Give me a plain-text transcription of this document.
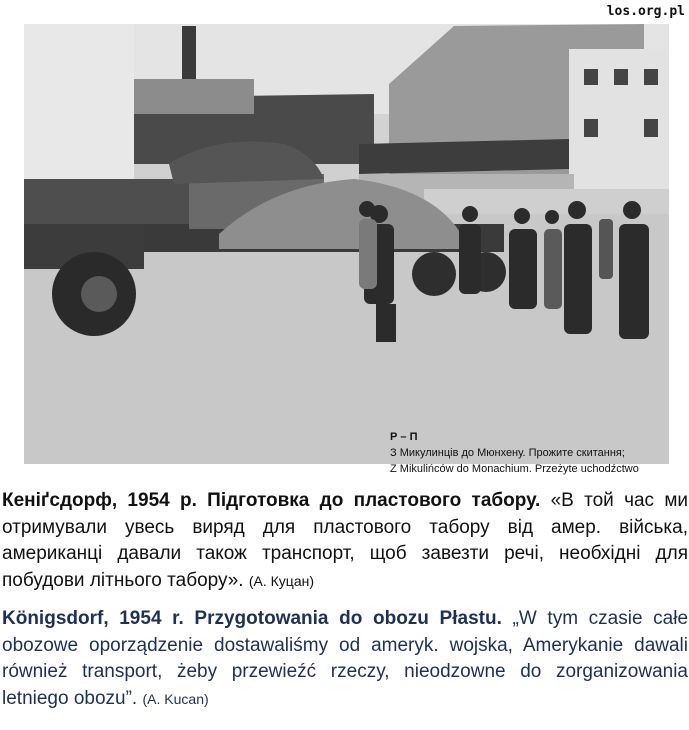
los.org.pl
Р – П
З Микулинців до Мюнхену. Прожите скитання;
Z Mikulińców do Monachium. Przeżyte uchodźctwo
Кеніґсдорф, 1954 р. Підготовка до пластового табору. «В той час ми отримували увесь виряд для пластового табору від амер. війська, американці давали також транспорт, щоб завезти речі, необхідні для побудови літнього табору». (А. Куцан)
Königsdorf, 1954 r. Przygotowania do obozu Płastu. „W tym czasie całe obozowe oporządzenie dostawaliśmy od ameryk. wojska, Amerykanie dawali również transport, żeby przewieźć rzeczy, nieodzowne do zorganizowania letniego obozu”. (A. Kucan)
